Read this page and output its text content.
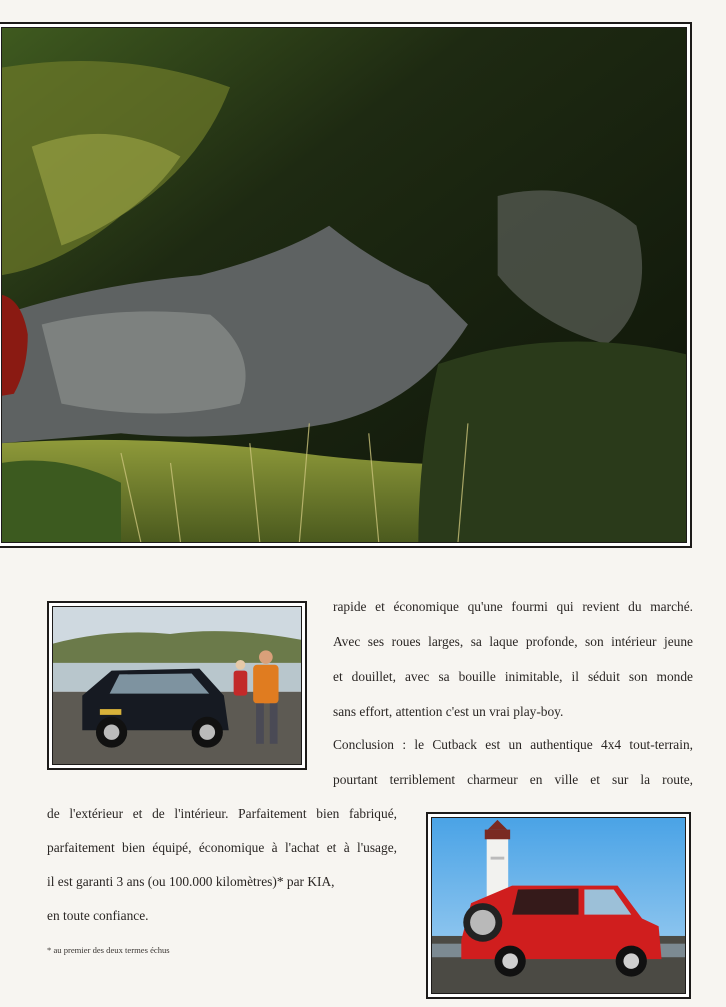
rapide et économique qu'une fourmi qui revient du marché.
Avec ses roues larges, sa laque profonde, son intérieur jeune
et douillet, avec sa bouille inimitable, il séduit son monde
sans effort, attention c'est un vrai play-boy.
Conclusion : le Cutback est un authentique 4x4 tout-terrain,
pourtant terriblement charmeur en ville et sur la route,
de l'extérieur et de l'intérieur. Parfaitement bien fabriqué,
parfaitement bien équipé, économique à l'achat et à l'usage,
il est garanti 3 ans (ou 100.000 kilomètres)* par KIA,
en toute confiance.
* au premier des deux termes échus
